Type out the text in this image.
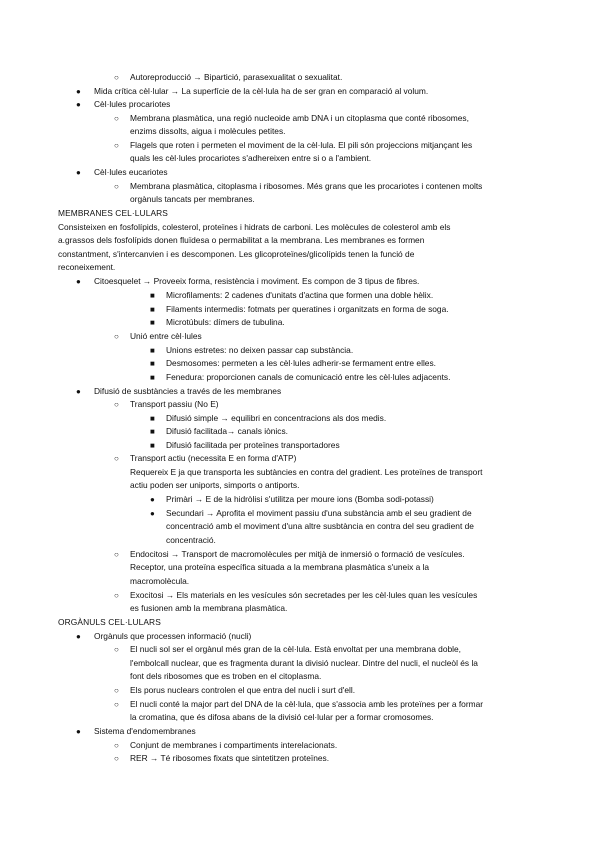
○ Autoreproducció → Bipartició, parasexualitat o sexualitat.
● Mida crítica cèl·lular → La superfície de la cèl·lula ha de ser gran en comparació al volum.
● Cèl·lules procariotes
○ Membrana plasmàtica, una regió nucleoide amb DNA i un citoplasma que conté ribosomes,
enzims dissolts, aigua i molècules petites.
○ Flagels que roten i permeten el moviment de la cèl·lula. El pili són projeccions mitjançant les
quals les cèl·lules procariotes s'adhereixen entre si o a l'ambient.
● Cèl·lules eucariotes
○ Membrana plasmàtica, citoplasma i ribosomes. Més grans que les procariotes i contenen molts
orgànuls tancats per membranes.
MEMBRANES CEL·LULARS
Consisteixen en fosfolípids, colesterol, proteïnes i hidrats de carboni. Les molècules de colesterol amb els
a.grassos dels fosfolípids donen fluïdesa o permabilitat a la membrana. Les membranes es formen
constantment, s'intercanvien i es descomponen. Les glicoproteïnes/glicolípids tenen la funció de
reconeixement.
● Citoesquelet → Proveeix forma, resistència i moviment. Es compon de 3 tipus de fibres.
■ Microfilaments: 2 cadenes d'unitats d'actina que formen una doble hèlix.
■ Filaments intermedis: fotmats per queratines i organitzats en forma de soga.
■ Microtúbuls: dímers de tubulina.
○ Unió entre cèl·lules
■ Unions estretes: no deixen passar cap substància.
■ Desmosomes: permeten a les cèl·lules adherir-se fermament entre elles.
■ Fenedura: proporcionen canals de comunicació entre les cèl·lules adjacents.
● Difusió de susbtàncies a través de les membranes
○ Transport passiu (No E)
■ Difusió simple → equilibri en concentracions als dos medis.
■ Difusió facilitada→ canals iònics.
■ Difusió facilitada per proteïnes transportadores
○ Transport actiu (necessita E en forma d'ATP)
Requereix E ja que transporta les subtàncies en contra del gradient. Les proteïnes de transport
actiu poden ser uniports, simports o antiports.
● Primàri → E de la hidròlisi s'utilitza per moure ions (Bomba sodi-potassi)
● Secundari → Aprofita el moviment passiu d'una substància amb el seu gradient de
concentració amb el moviment d'una altre susbtància en contra del seu gradient de
concentració.
○ Endocitosi → Transport de macromolècules per mitjà de inmersió o formació de vesícules.
Receptor, una proteïna específica situada a la membrana plasmàtica s'uneix a la
macromolècula.
○ Exocitosi → Els materials en les vesícules són secretades per les cèl·lules quan les vesícules
es fusionen amb la membrana plasmàtica.
ORGÀNULS CEL·LULARS
● Orgànuls que processen informació (nucli)
○ El nucli sol ser el orgànul més gran de la cèl·lula. Està envoltat per una membrana doble,
l'embolcall nuclear, que es fragmenta durant la divisió nuclear. Dintre del nucli, el nucleòl és la
font dels ribosomes que es troben en el citoplasma.
○ Els porus nuclears controlen el que entra del nucli i surt d'ell.
○ El nucli conté la major part del DNA de la cèl·lula, que s'associa amb les proteïnes per a formar
la cromatina, que és difosa abans de la divisió cel·lular per a formar cromosomes.
● Sistema d'endomembranes
○ Conjunt de membranes i compartiments interelacionats.
○ RER → Té ribosomes fixats que sintetitzen proteïnes.
